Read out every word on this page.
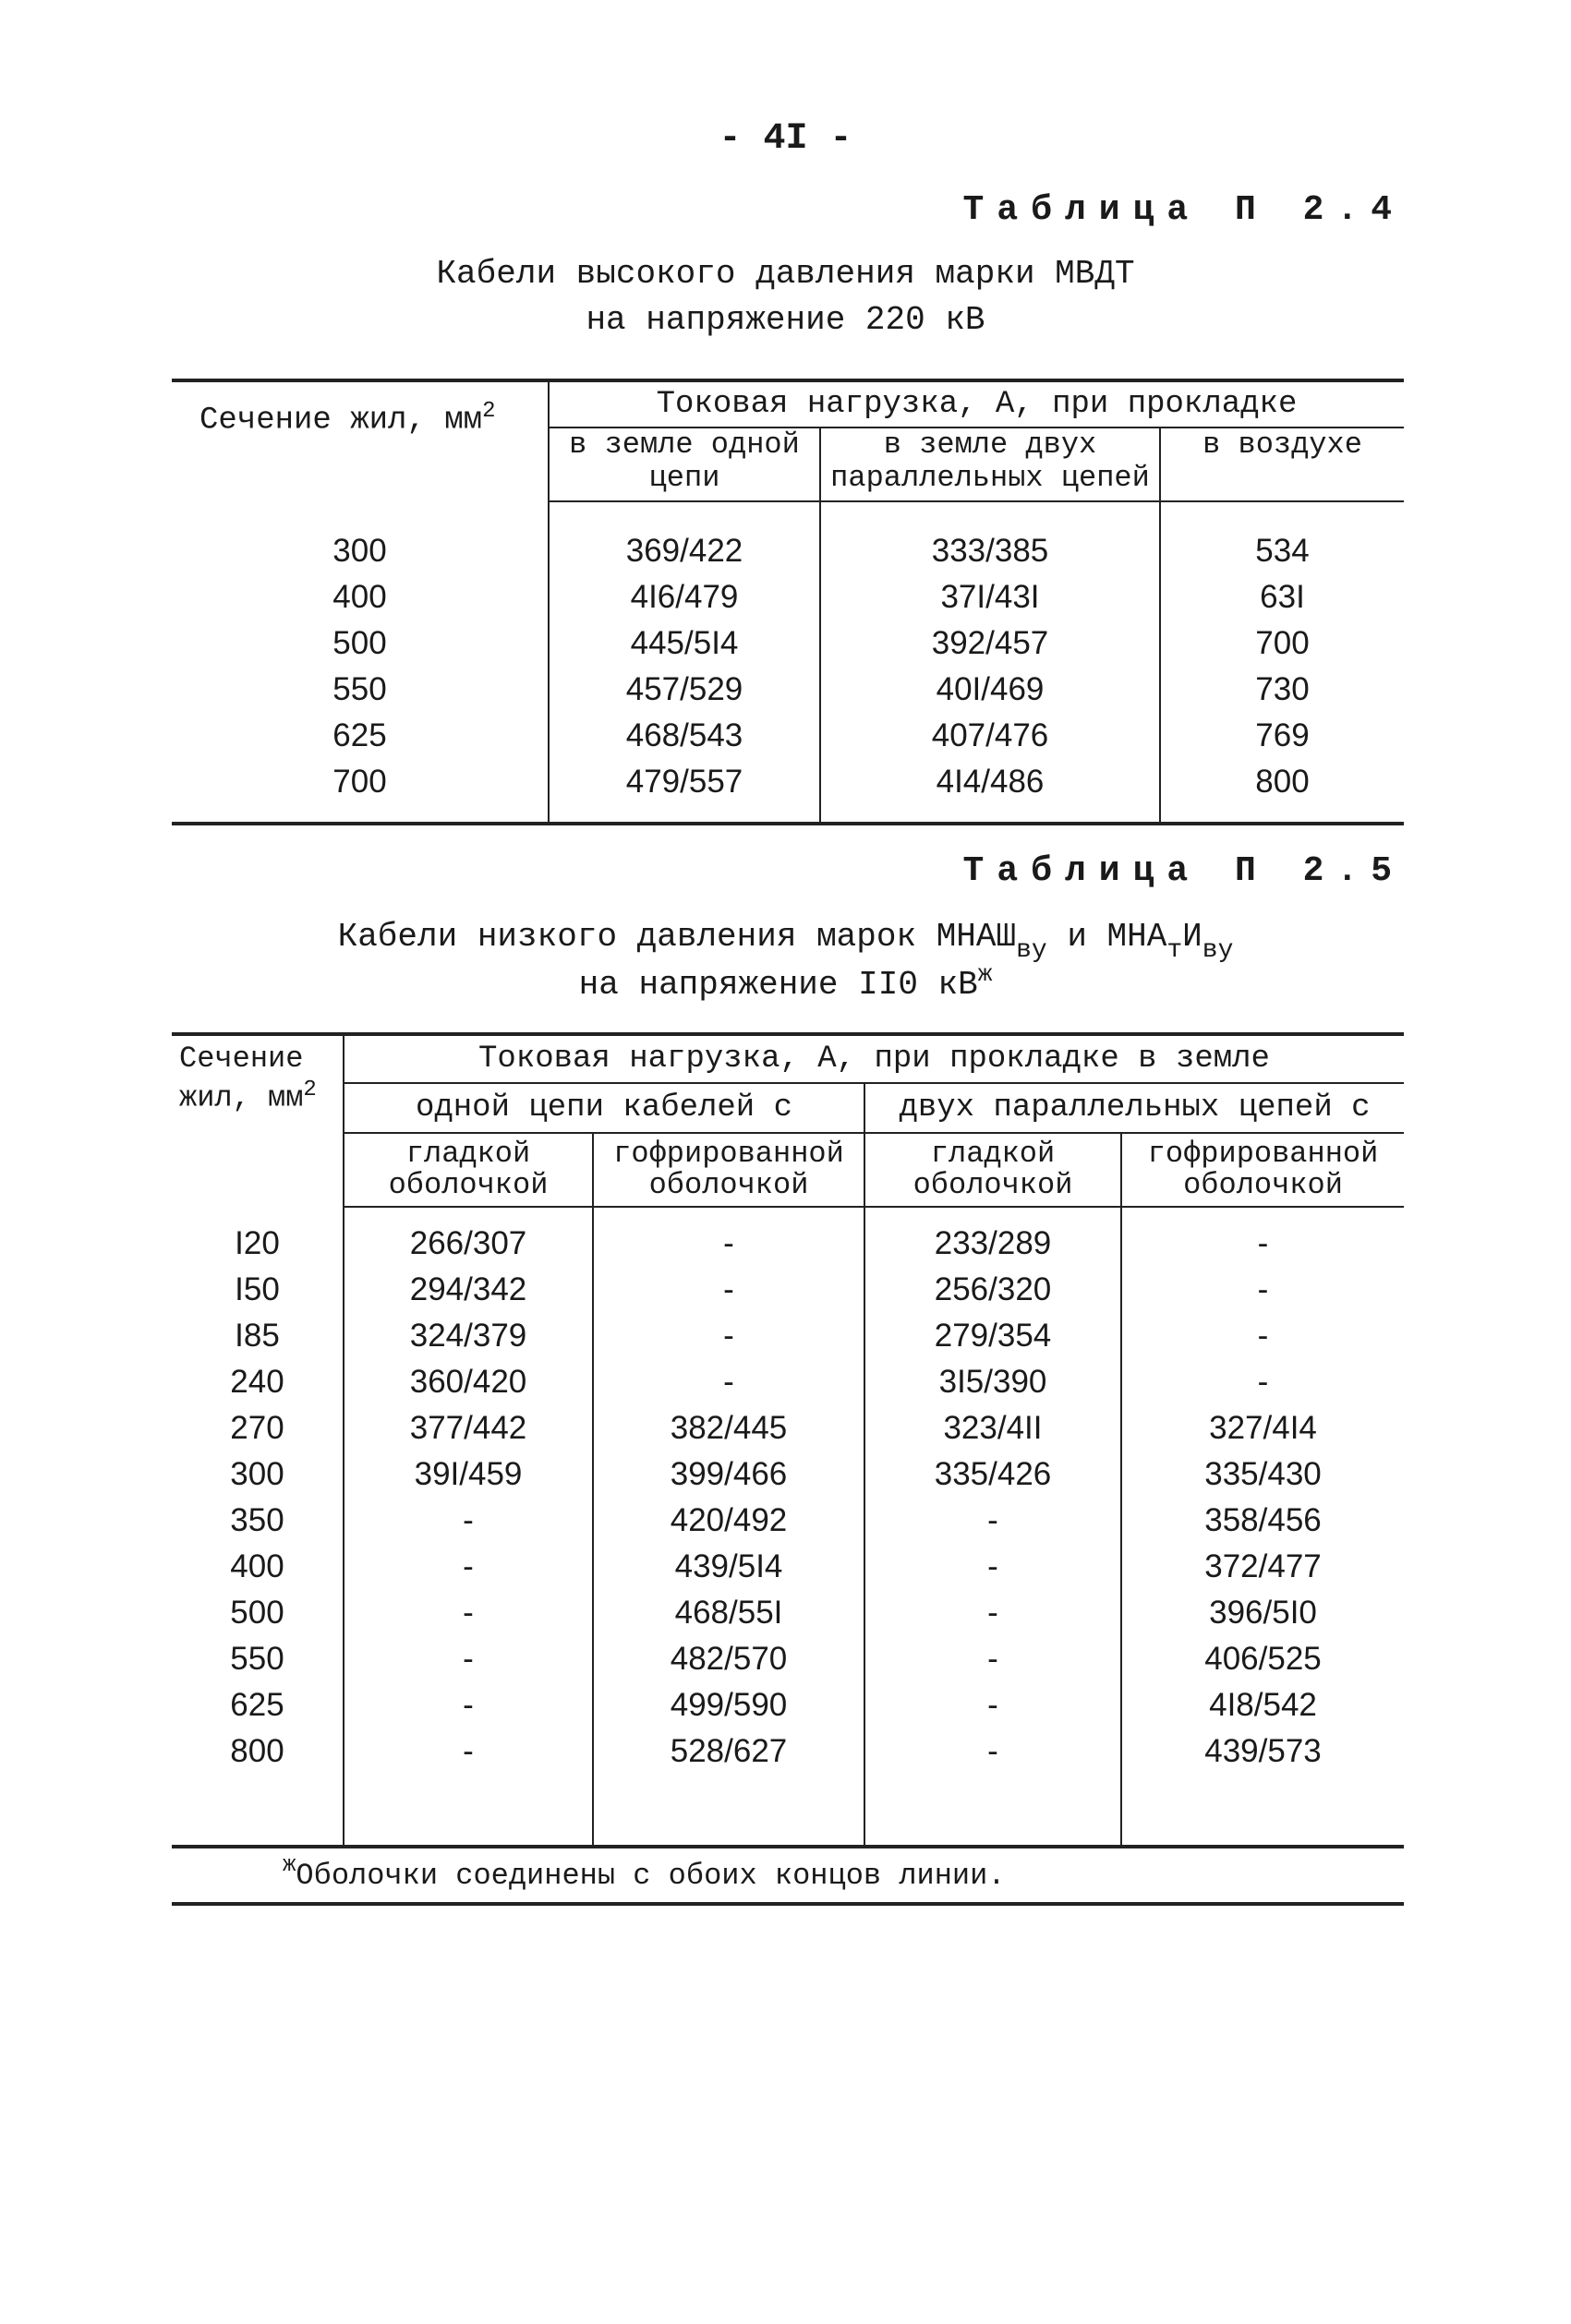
- 4I -
Таблица П 2.4
Кабели высокого давления марки МВДТ
на напряжение 220 кВ
Сечение жил, $мм^2$	Токовая нагрузка, А, при прокладке		
	в земле одной цепи	в земле двух параллельных цепей	в воздухе

300	369/422	333/385	534
400	4I6/479	37I/43I	63I
500	445/5I4	392/457	700
550	457/529	40I/469	730
625	468/543	407/476	769
700	479/557	4I4/486	800

Таблица П 2.5
Кабели низкого давления марок $МНАШ_{ву}$ и $МНА_тИ_{ву}$
на напряжение II0 $кВ^ж$
Сечение жил, $мм^2$	Токовая нагрузка, А, при прокладке в земле			
	одной цепи кабелей с		двух параллельных цепей с	
	гладкой оболочкой	гофрированной оболочкой	гладкой оболочкой	гофрированной оболочкой

I20	266/307	-	233/289	-
I50	294/342	-	256/320	-
I85	324/379	-	279/354	-
240	360/420	-	3I5/390	-
270	377/442	382/445	323/4II	327/4I4
300	39I/459	399/466	335/426	335/430
350	-	420/492	-	358/456
400	-	439/5I4	-	372/477
500	-	468/55I	-	396/5I0
550	-	482/570	-	406/525
625	-	499/590	-	4I8/542
800	-	528/627	-	439/573

$^ж$Оболочки соединены с обоих концов линии.				
